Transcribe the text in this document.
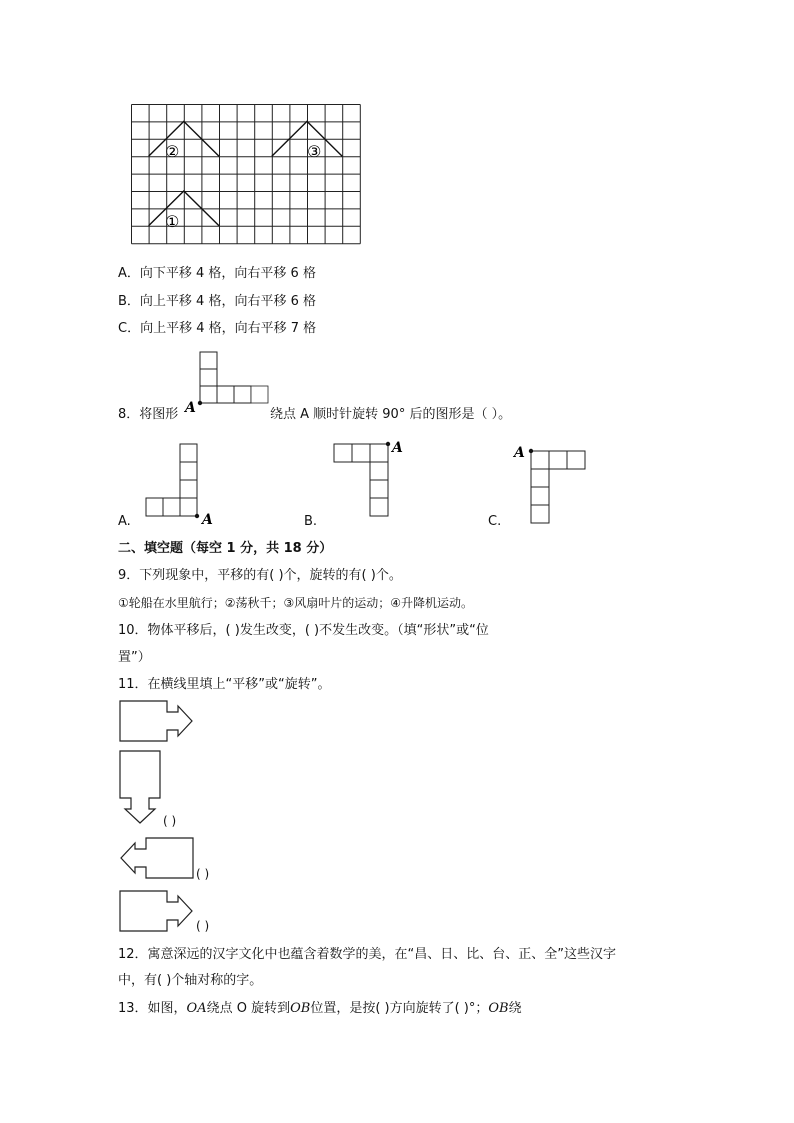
②	③
①
A．向下平移 4 格，向右平移 6 格
B．向上平移 4 格，向右平移 6 格
C．向上平移 4 格，向右平移 7 格
8．将图形 A	绕点 A 顺时针旋转 90° 后的图形是（ ）。
A
A.
A
B.
A
C.
二、填空题（每空 1 分，共 18 分）
9．下列现象中，平移的有( )个，旋转的有( )个。
①轮船在水里航行；②荡秋千；③风扇叶片的运动；④升降机运动。
10．物体平移后，( )发生改变，( )不发生改变。（填“形状”或“位
置”）
11．在横线里填上“平移”或“旋转”。
( )
( )
( )
12．寓意深远的汉字文化中也蕴含着数学的美，在“昌、日、比、台、正、全”这些汉字
中，有( )个轴对称的字。
13．如图，OA绕点 O 旋转到OB位置，是按( )方向旋转了( )°；OB绕
